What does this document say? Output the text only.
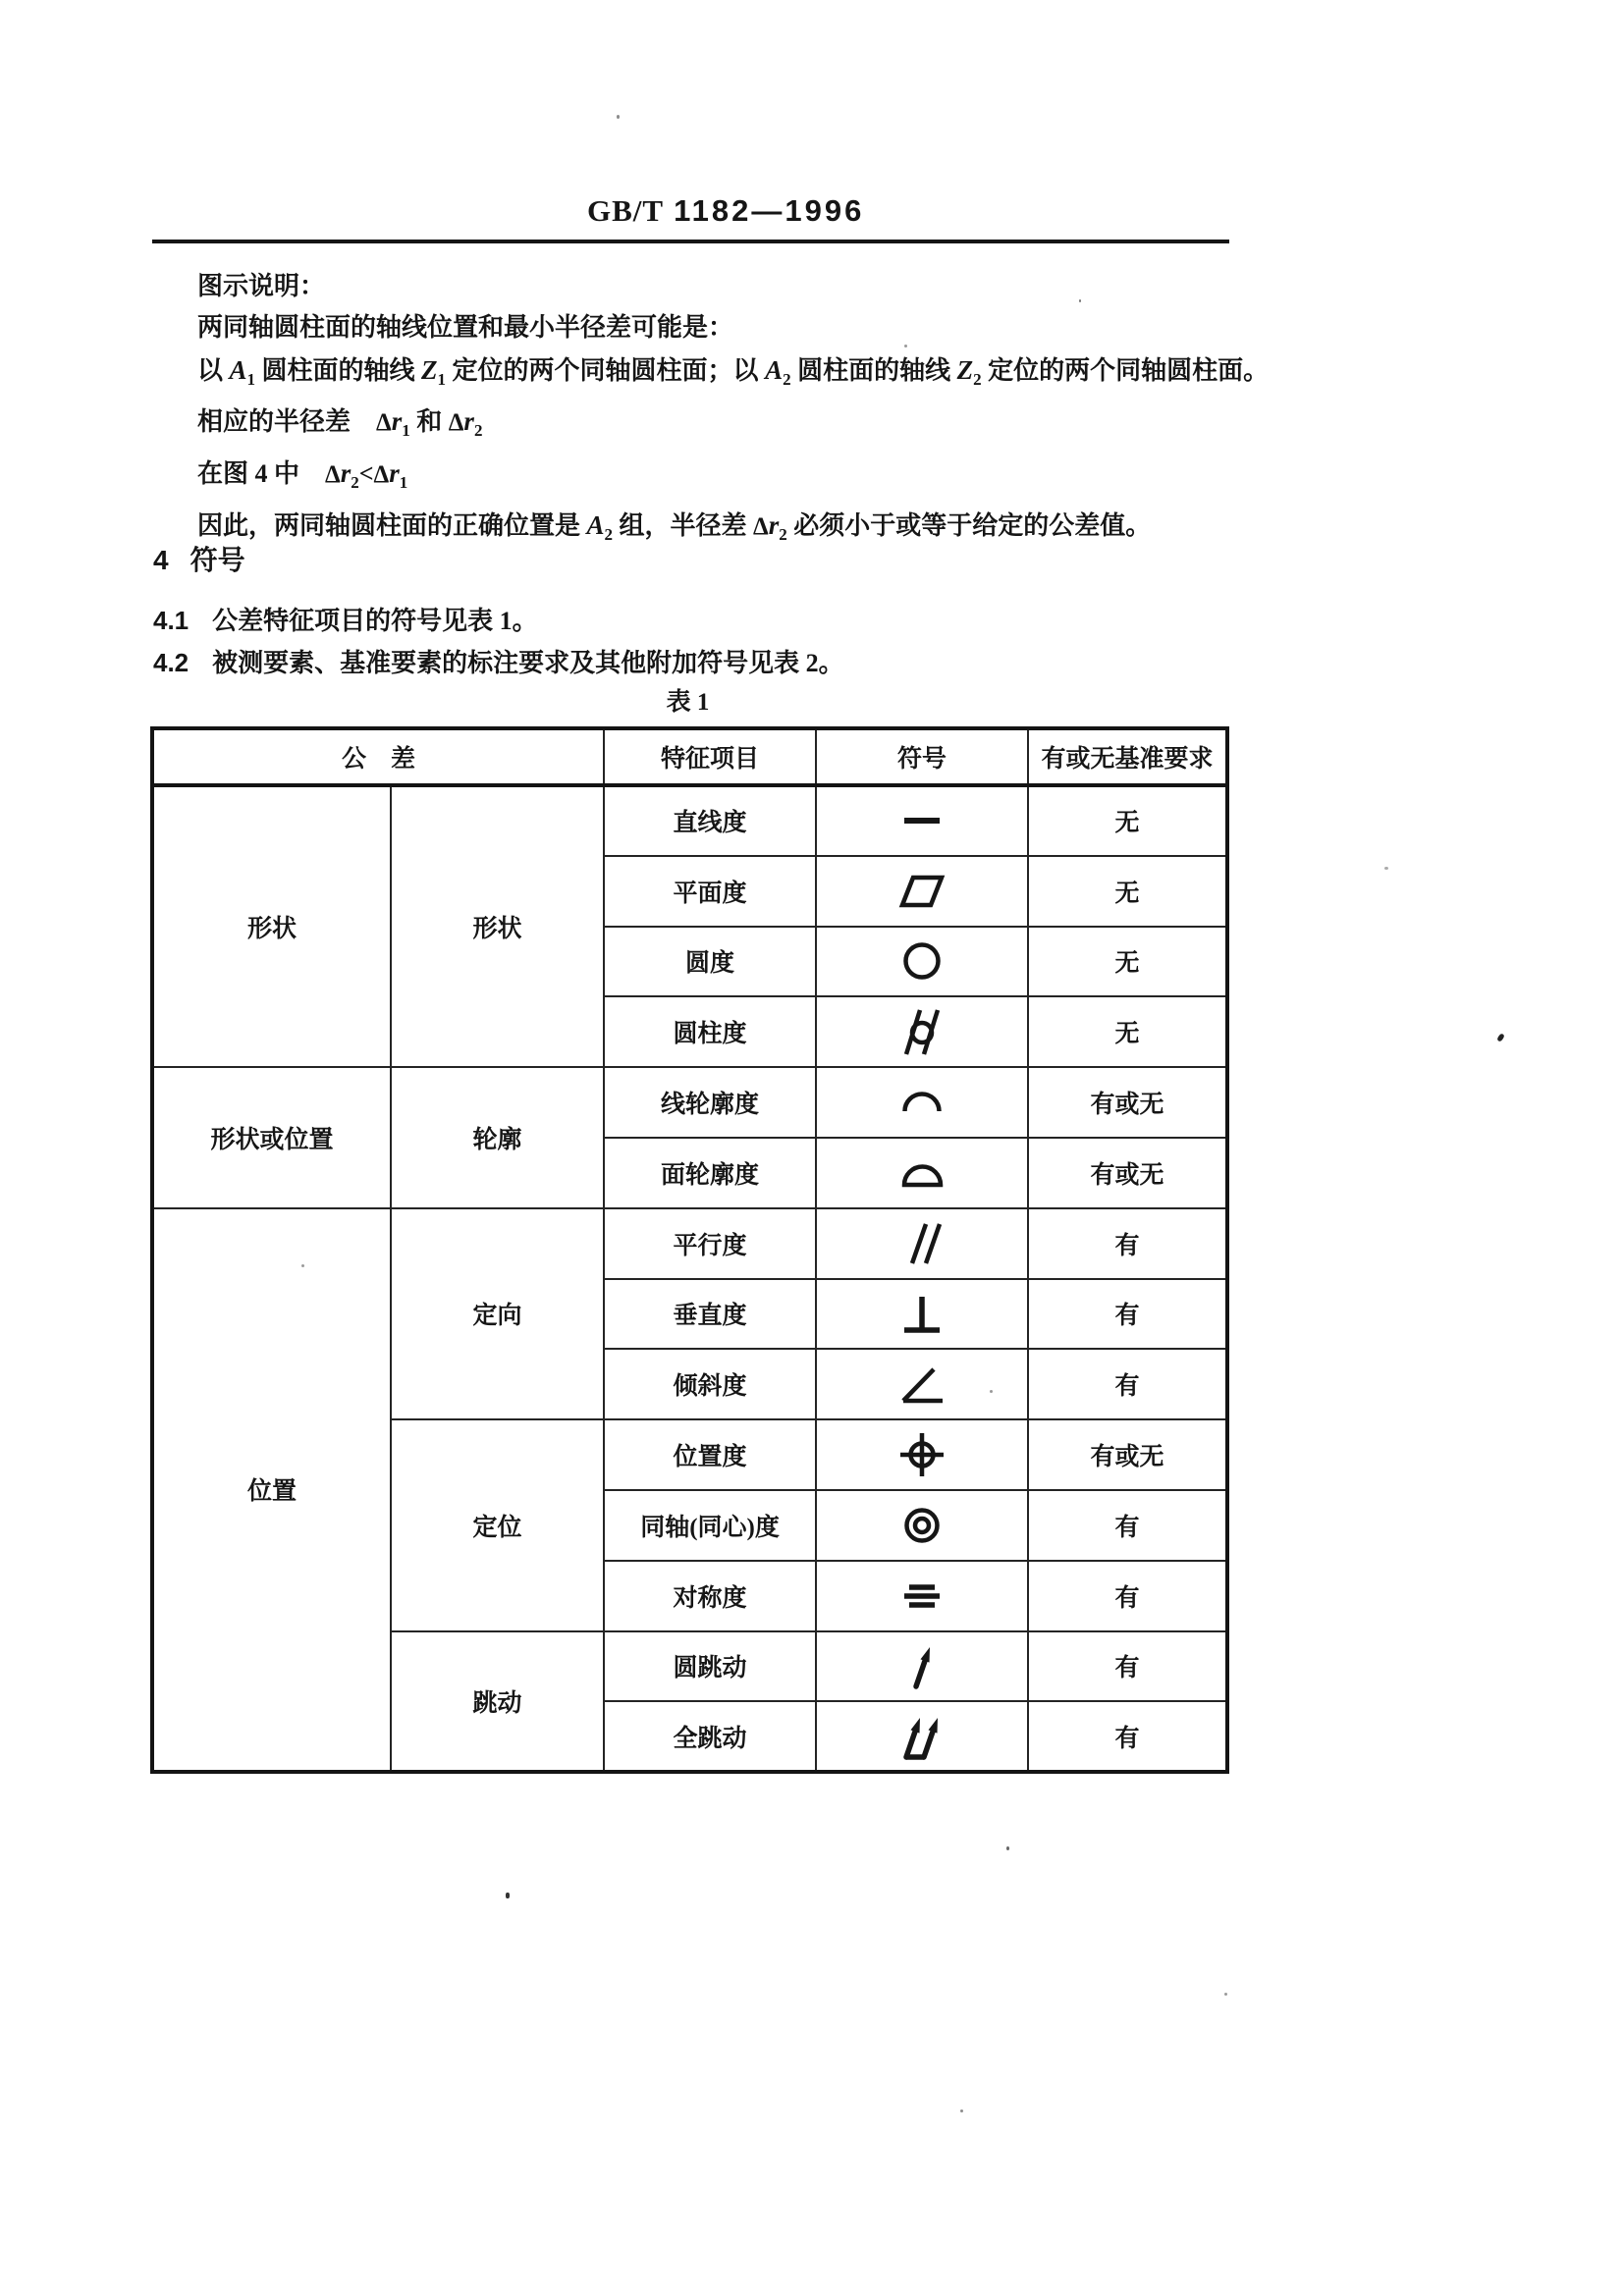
GB/T 1182—1996

图示说明：

两同轴圆柱面的轴线位置和最小半径差可能是：

以 $A_1$ 圆柱面的轴线 $Z_1$ 定位的两个同轴圆柱面；以 $A_2$ 圆柱面的轴线 $Z_2$ 定位的两个同轴圆柱面。

相应的半径差　$\Delta r_1$ 和 $\Delta r_2$

在图 4 中　$\Delta r_2<\Delta r_1$

因此，两同轴圆柱面的正确位置是 $A_2$ 组，半径差 $\Delta r_2$ 必须小于或等于给定的公差值。

4 符号
4.1 公差特征项目的符号见表 1。
4.2 被测要素、基准要素的标注要求及其他附加符号见表 2。
表 1
公　差		特征项目	符号	有或无基准要求
形状	形状	直线度		无
		平面度		无
		圆度		无
		圆柱度		无
形状或位置	轮廓	线轮廓度		有或无
		面轮廓度		有或无
位置	定向	平行度		有
		垂直度		有
		倾斜度		有
	定位	位置度		有或无
		同轴(同心)度		有
		对称度		有
	跳动	圆跳动		有
		全跳动		有
